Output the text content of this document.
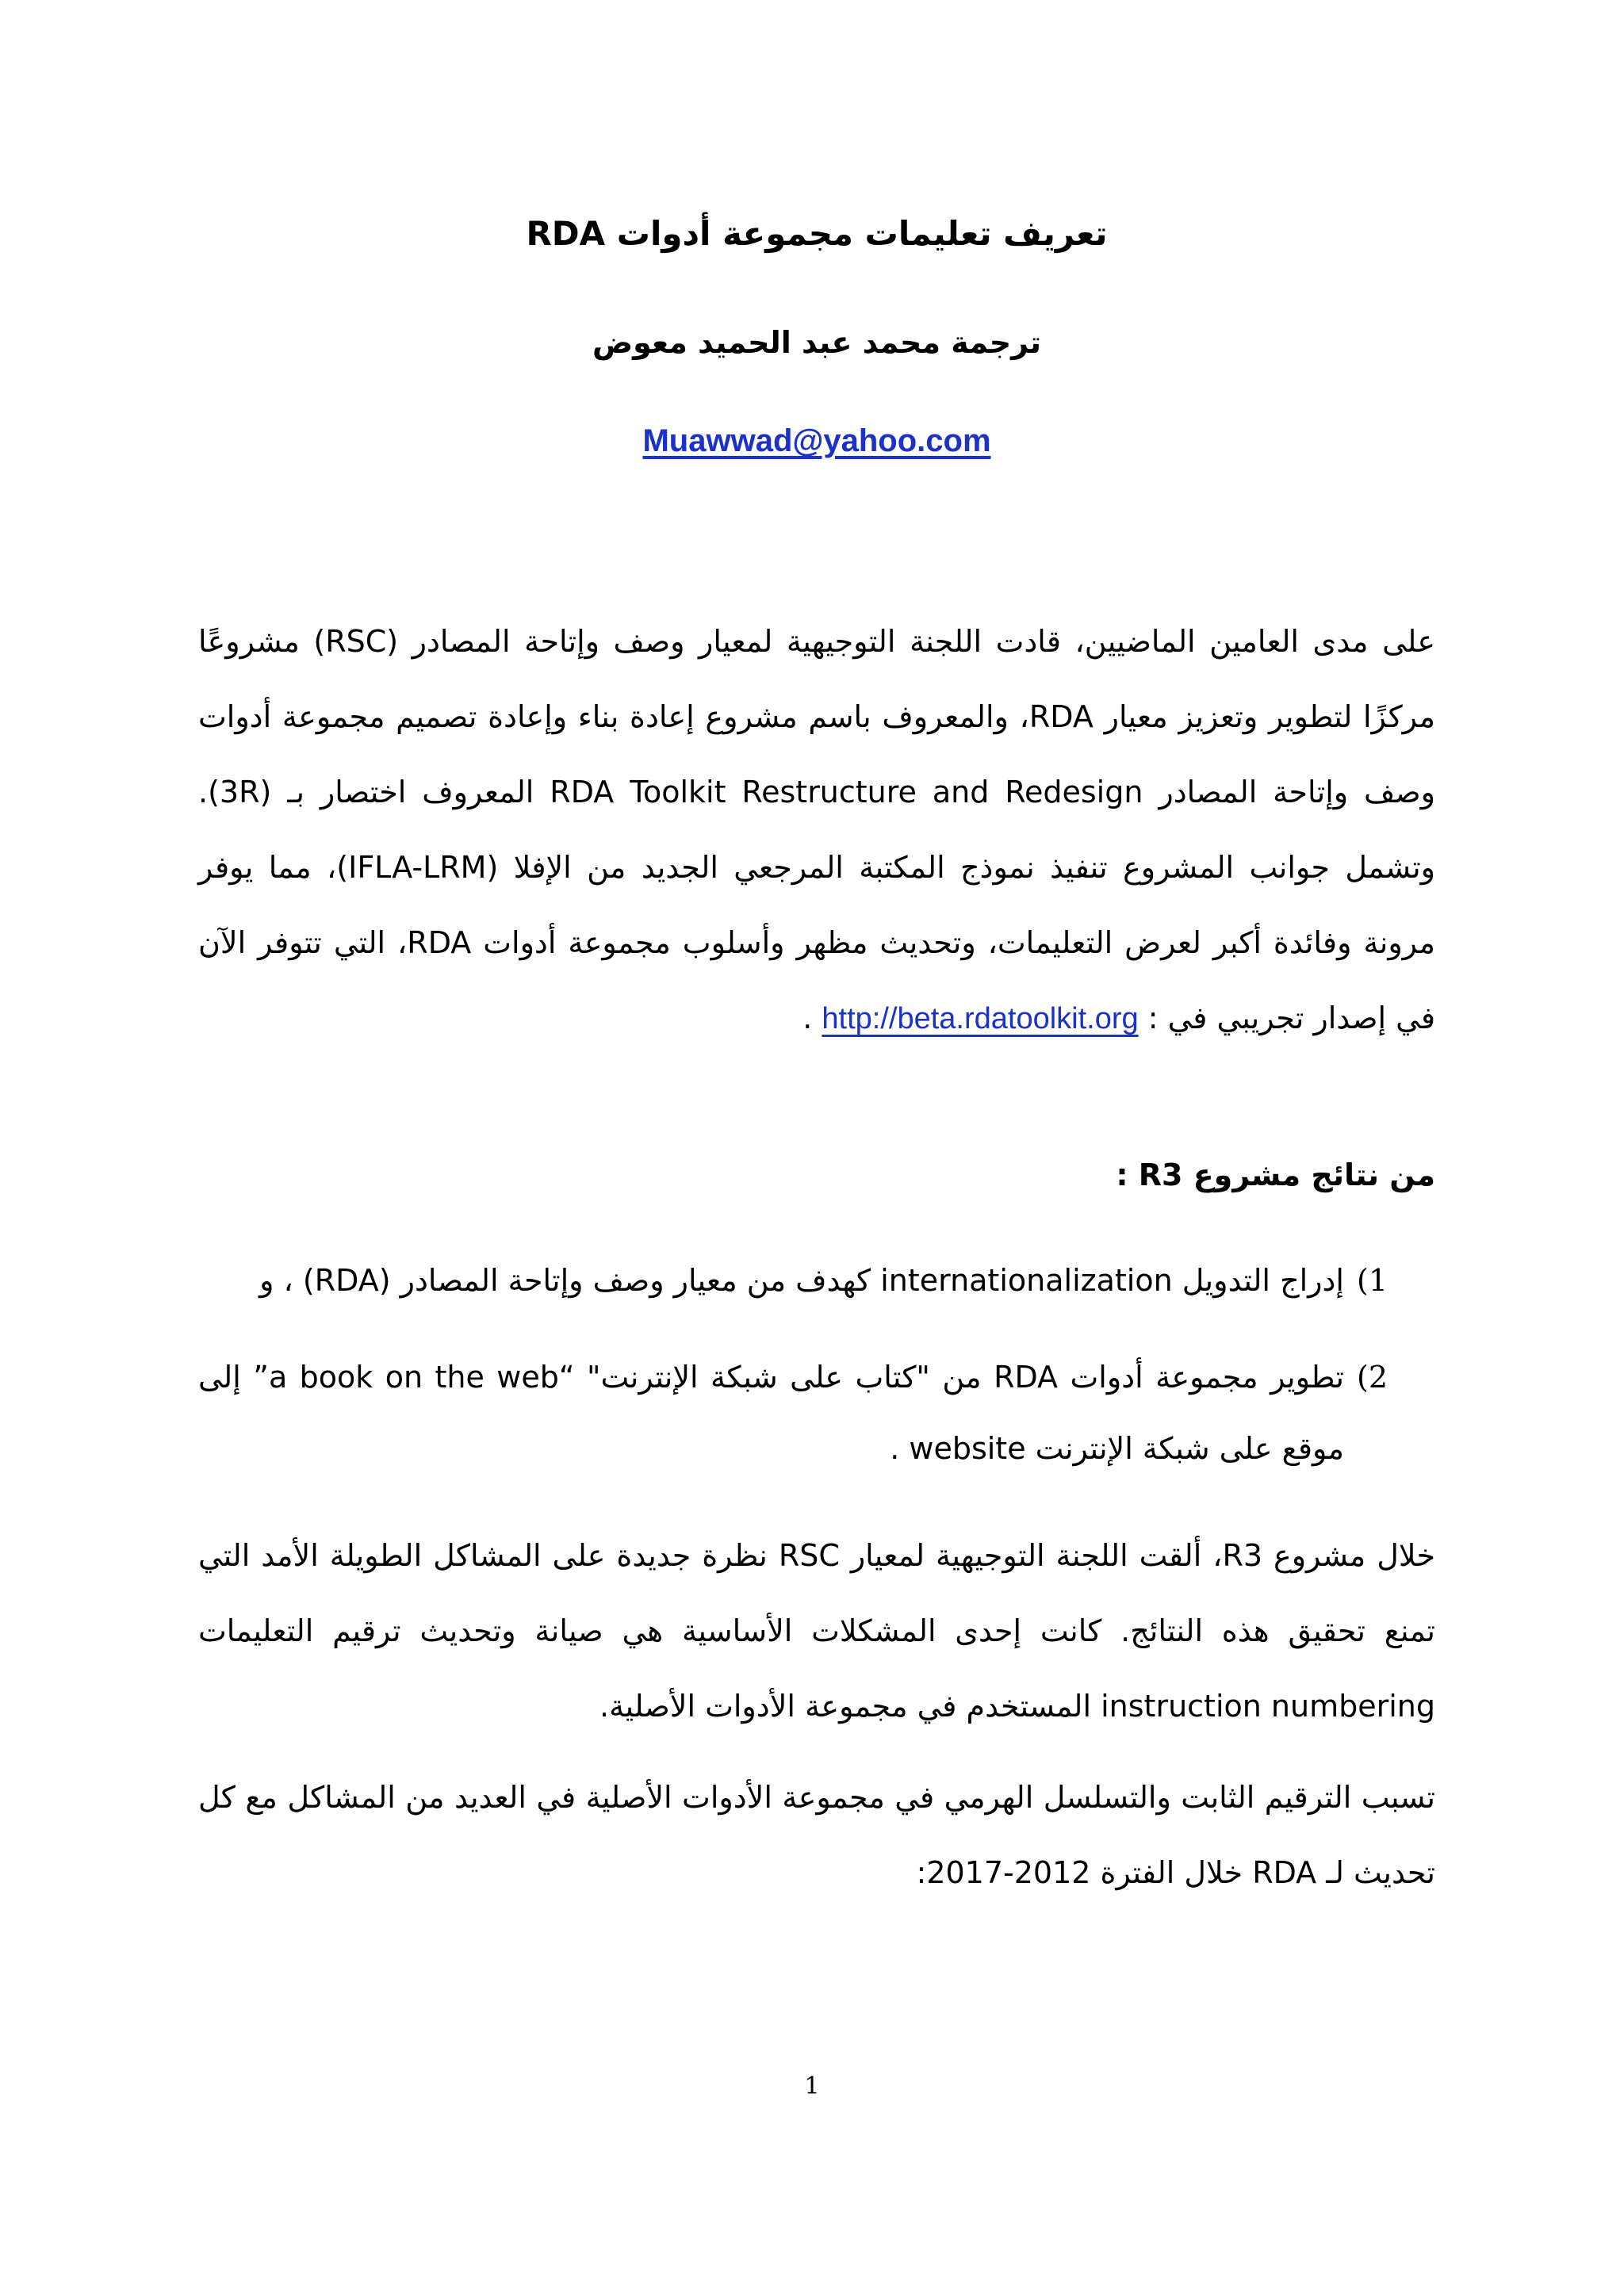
تعريف تعليمات مجموعة أدوات RDA
ترجمة محمد عبد الحميد معوض
Muawwad@yahoo.com
على مدى العامين الماضيين، قادت اللجنة التوجيهية لمعيار وصف وإتاحة المصادر (RSC) مشروعًا مركزًا لتطوير وتعزيز معيار RDA، والمعروف باسم مشروع إعادة بناء وإعادة تصميم مجموعة أدوات وصف وإتاحة المصادر RDA Toolkit Restructure and Redesign المعروف اختصار بـ (3R). وتشمل جوانب المشروع تنفيذ نموذج المكتبة المرجعي الجديد من الإفلا (IFLA-LRM)، مما يوفر مرونة وفائدة أكبر لعرض التعليمات، وتحديث مظهر وأسلوب مجموعة أدوات RDA، التي تتوفر الآن في إصدار تجريبي في : http://beta.rdatoolkit.org .
من نتائج مشروع R3 :
1)
إدراج التدويل internationalization كهدف من معيار وصف وإتاحة المصادر (RDA) ، و
2)
تطوير مجموعة أدوات RDA من "كتاب على شبكة الإنترنت" “a book on the web” إلى موقع على شبكة الإنترنت website .
خلال مشروع R3، ألقت اللجنة التوجيهية لمعيار RSC نظرة جديدة على المشاكل الطويلة الأمد التي تمنع تحقيق هذه النتائج. كانت إحدى المشكلات الأساسية هي صيانة وتحديث ترقيم التعليمات instruction numbering المستخدم في مجموعة الأدوات الأصلية.
تسبب الترقيم الثابت والتسلسل الهرمي في مجموعة الأدوات الأصلية في العديد من المشاكل مع كل تحديث لـ RDA خلال الفترة 2012-2017:
1
